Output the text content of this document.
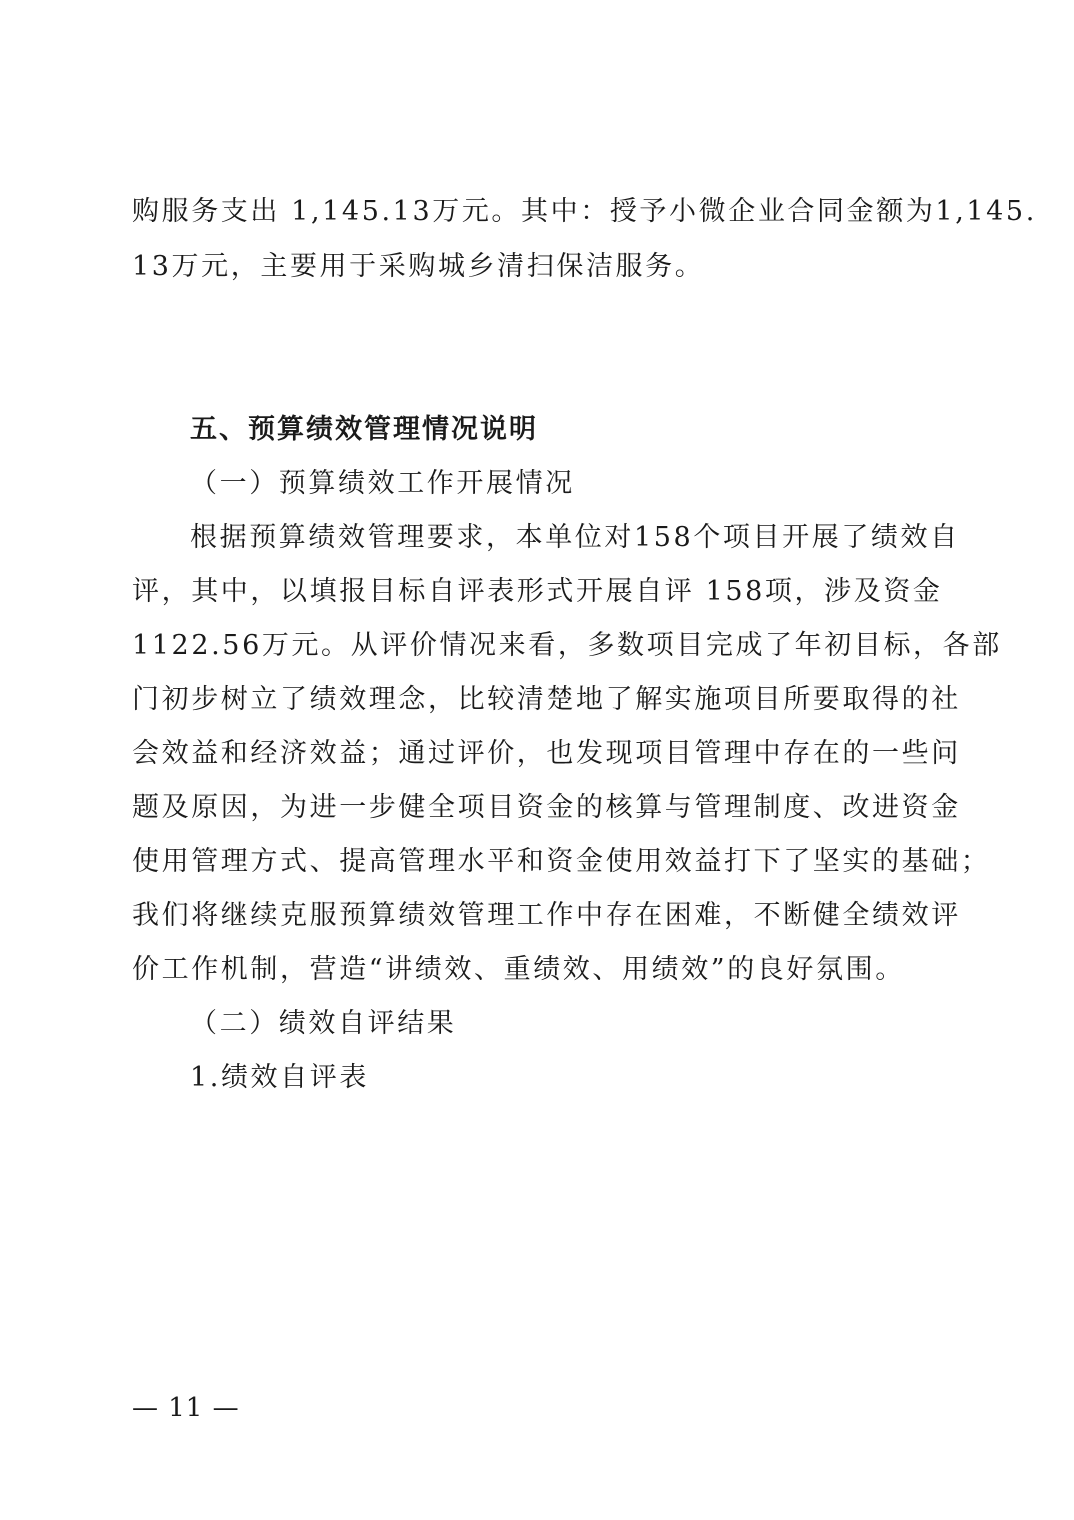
购服务支出 1,145.13万元。其中：授予小微企业合同金额为1,145.
13万元，主要用于采购城乡清扫保洁服务。
五、预算绩效管理情况说明
（一）预算绩效工作开展情况
根据预算绩效管理要求，本单位对158个项目开展了绩效自
评，其中，以填报目标自评表形式开展自评 158项，涉及资金
1122.56万元。从评价情况来看，多数项目完成了年初目标，各部
门初步树立了绩效理念，比较清楚地了解实施项目所要取得的社
会效益和经济效益；通过评价，也发现项目管理中存在的一些问
题及原因，为进一步健全项目资金的核算与管理制度、改进资金
使用管理方式、提高管理水平和资金使用效益打下了坚实的基础；
我们将继续克服预算绩效管理工作中存在困难，不断健全绩效评
价工作机制，营造“讲绩效、重绩效、用绩效”的良好氛围。
（二）绩效自评结果
1.绩效自评表
— 11 —
